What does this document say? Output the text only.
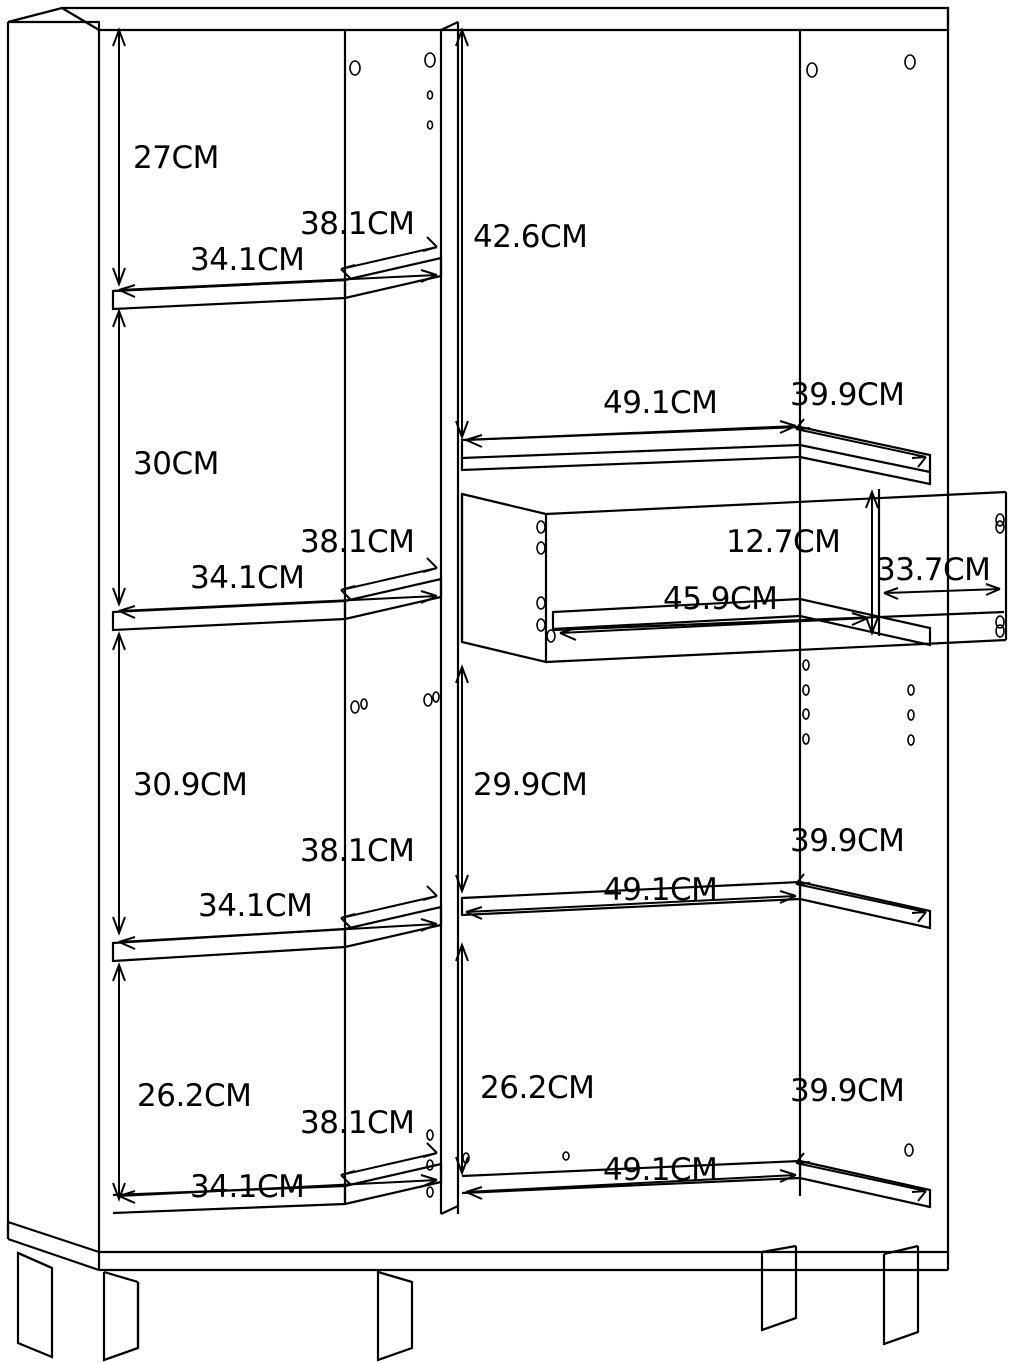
27CM
38.1CM
34.1CM
42.6CM
30CM
49.1CM 39.9CM
38.1CM
34.1CM
12.7CM
33.7CM
45.9CM
30.9CM	29.9CM
38.1CM	39.9CM
34.1CM	49.1CM
26.2CM	26.2CM
38.1CM
39.9CM
34.1CM	49.1CM
